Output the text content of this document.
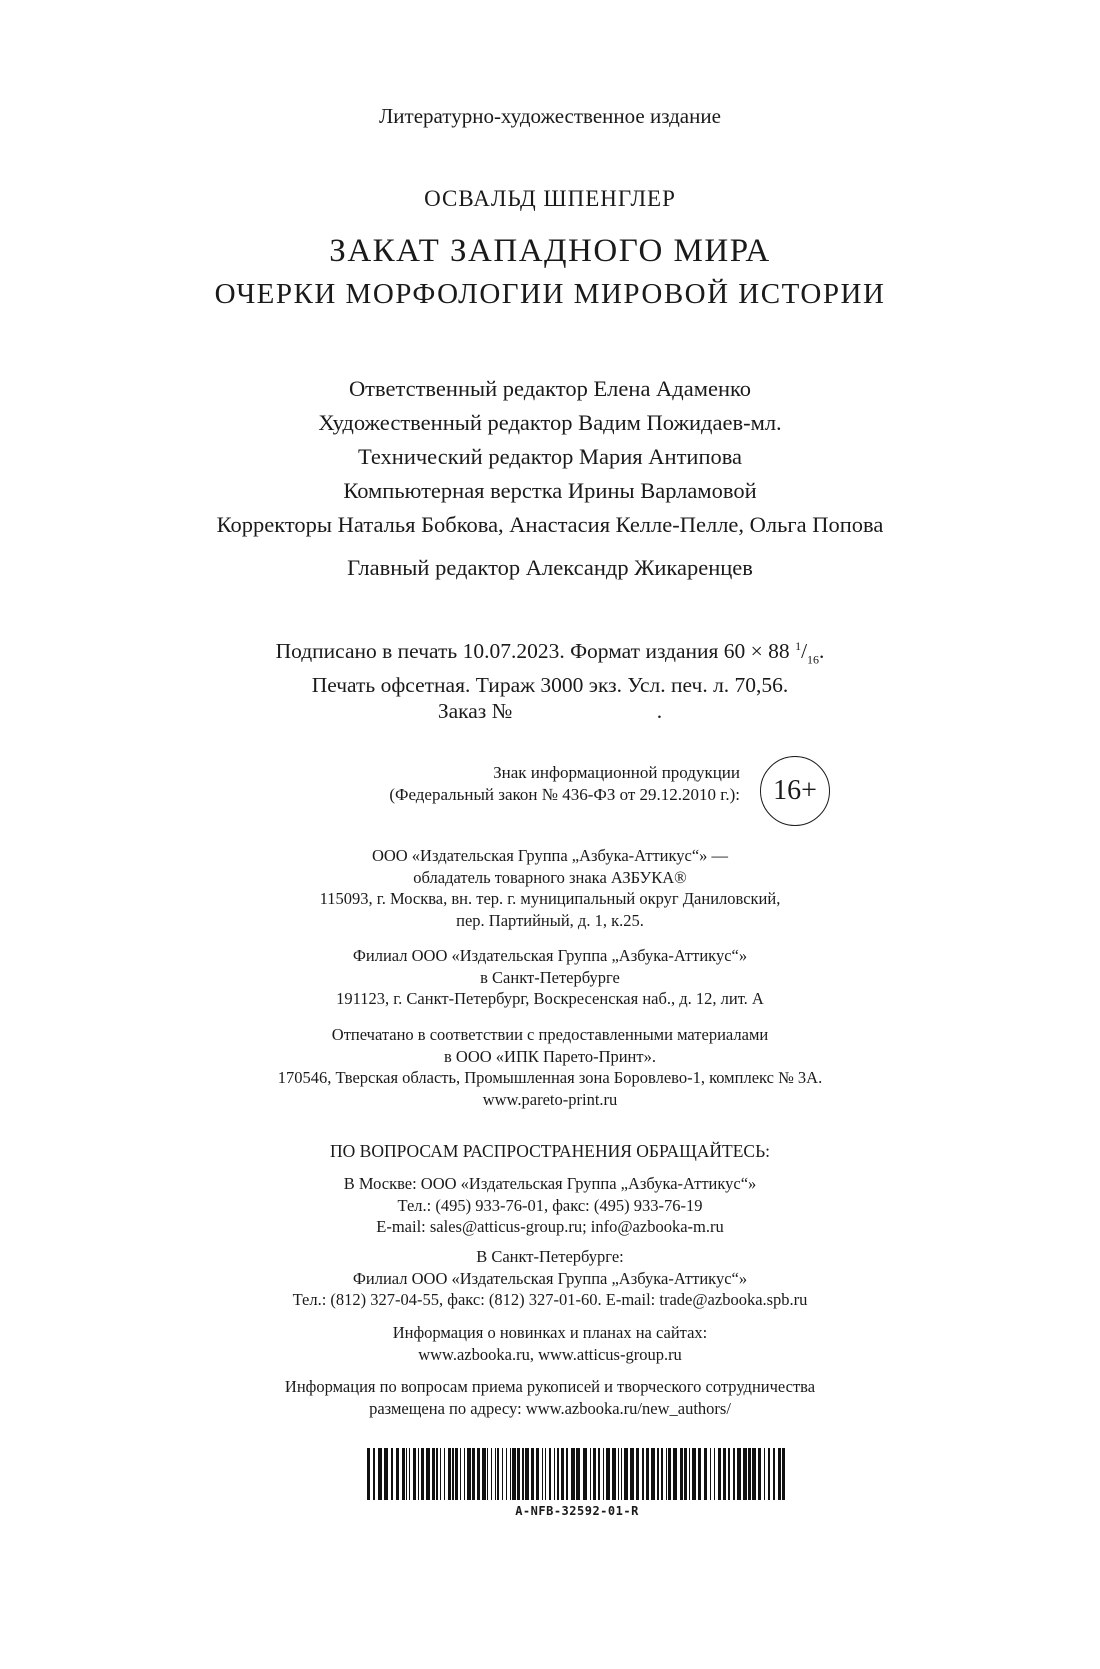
Литературно-художественное издание
ОСВАЛЬД ШПЕНГЛЕР
ЗАКАТ ЗАПАДНОГО МИРА
ОЧЕРКИ МОРФОЛОГИИ МИРОВОЙ ИСТОРИИ
Ответственный редактор Елена Адаменко
Художественный редактор Вадим Пожидаев-мл.
Технический редактор Мария Антипова
Компьютерная верстка Ирины Варламовой
Корректоры Наталья Бобкова, Анастасия Келле-Пелле, Ольга Попова
Главный редактор Александр Жикаренцев
Подписано в печать 10.07.2023. Формат издания 60 × 88 $^1/_{16}$.
Печать офсетная. Тираж 3000 экз. Усл. печ. л. 70,56.
Заказ №	.
Знак информационной продукции
(Федеральный закон № 436-ФЗ от 29.12.2010 г.):	16+
ООО «Издательская Группа „Азбука-Аттикус“» —
обладатель товарного знака АЗБУКА®
115093, г. Москва, вн. тер. г. муниципальный округ Даниловский,
пер. Партийный, д. 1, к.25.
Филиал ООО «Издательская Группа „Азбука-Аттикус“»
в Санкт-Петербурге
191123, г. Санкт-Петербург, Воскресенская наб., д. 12, лит. А
Отпечатано в соответствии с предоставленными материалами
в ООО «ИПК Парето-Принт».
170546, Тверская область, Промышленная зона Боровлево-1, комплекс № 3А.
www.pareto-print.ru
ПО ВОПРОСАМ РАСПРОСТРАНЕНИЯ ОБРАЩАЙТЕСЬ:
В Москве: ООО «Издательская Группа „Азбука-Аттикус“»
Тел.: (495) 933-76-01, факс: (495) 933-76-19
E-mail: sales@atticus-group.ru; info@azbooka-m.ru
В Санкт-Петербурге:
Филиал ООО «Издательская Группа „Азбука-Аттикус“»
Тел.: (812) 327-04-55, факс: (812) 327-01-60. E-mail: trade@azbooka.spb.ru
Информация о новинках и планах на сайтах:
www.azbooka.ru, www.atticus-group.ru
Информация по вопросам приема рукописей и творческого сотрудничества
размещена по адресу: www.azbooka.ru/new_authors/
A-NFB-32592-01-R
